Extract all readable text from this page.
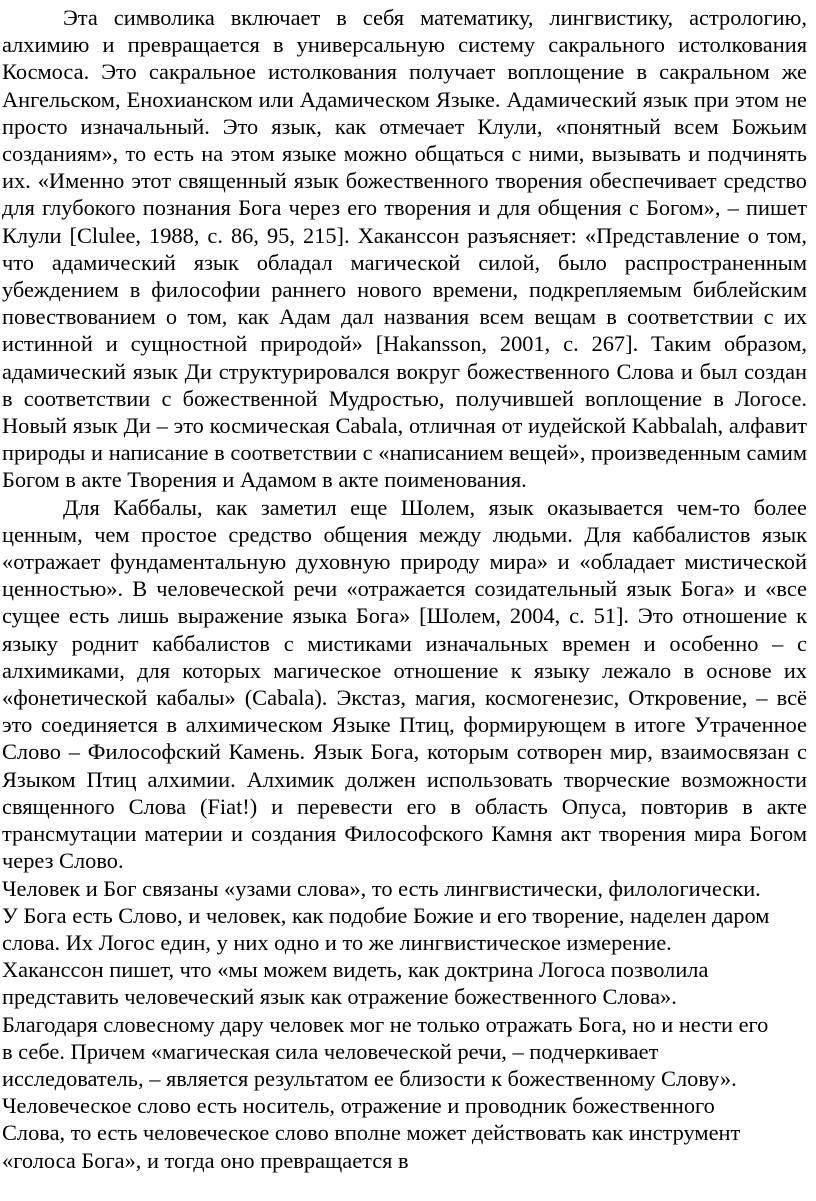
Эта символика включает в себя математику, лингвистику, астрологию, алхимию и превращается в универсальную систему сакрального истолкования Космоса. Это сакральное истолкования получает воплощение в сакральном же Ангельском, Енохианском или Адамическом Языке. Адамический язык при этом не просто изначальный. Это язык, как отмечает Клули, «понятный всем Божьим созданиям», то есть на этом языке можно общаться с ними, вызывать и подчинять их. «Именно этот священный язык божественного творения обеспечивает средство для глубокого познания Бога через его творения и для общения с Богом», – пишет Клули [Clulee, 1988, с. 86, 95, 215]. Хаканссон разъясняет: «Представление о том, что адамический язык обладал магической силой, было распространенным убеждением в философии раннего нового времени, подкрепляемым библейским повествованием о том, как Адам дал названия всем вещам в соответствии с их истинной и сущностной природой» [Hakansson, 2001, с. 267]. Таким образом, адамический язык Ди структурировался вокруг божественного Слова и был создан в соответствии с божественной Мудростью, получившей воплощение в Логосе. Новый язык Ди – это космическая Cabala, отличная от иудейской Kabbalah, алфавит природы и написание в соответствии с «написанием вещей», произведенным самим Богом в акте Творения и Адамом в акте поименования.

Для Каббалы, как заметил еще Шолем, язык оказывается чем-то более ценным, чем простое средство общения между людьми. Для каббалистов язык «отражает фундаментальную духовную природу мира» и «обладает мистической ценностью». В человеческой речи «отражается созидательный язык Бога» и «все сущее есть лишь выражение языка Бога» [Шолем, 2004, с. 51]. Это отношение к языку роднит каббалистов с мистиками изначальных времен и особенно – с алхимиками, для которых магическое отношение к языку лежало в основе их «фонетической кабалы» (Cabala). Экстаз, магия, космогенезис, Откровение, – всё это соединяется в алхимическом Языке Птиц, формирующем в итоге Утраченное Слово – Философский Камень. Язык Бога, которым сотворен мир, взаимосвязан с Языком Птиц алхимии. Алхимик должен использовать творческие возможности священного Слова (Fiat!) и перевести его в область Опуса, повторив в акте трансмутации материи и создания Философского Камня акт творения мира Богом через Слово.

Человек и Бог связаны «узами слова», то есть лингвистически, филологически.

У Бога есть Слово, и человек, как подобие Божие и его творение, наделен даром

слова. Их Логос един, у них одно и то же лингвистическое измерение.

Хаканссон пишет, что «мы можем видеть, как доктрина Логоса позволила

представить человеческий язык как отражение божественного Слова».

Благодаря словесному дару человек мог не только отражать Бога, но и нести его

в себе. Причем «магическая сила человеческой речи, – подчеркивает

исследователь, – является результатом ее близости к божественному Слову».

Человеческое слово есть носитель, отражение и проводник божественного

Слова, то есть человеческое слово вполне может действовать как инструмент

«голоса Бога», и тогда оно превращается в
